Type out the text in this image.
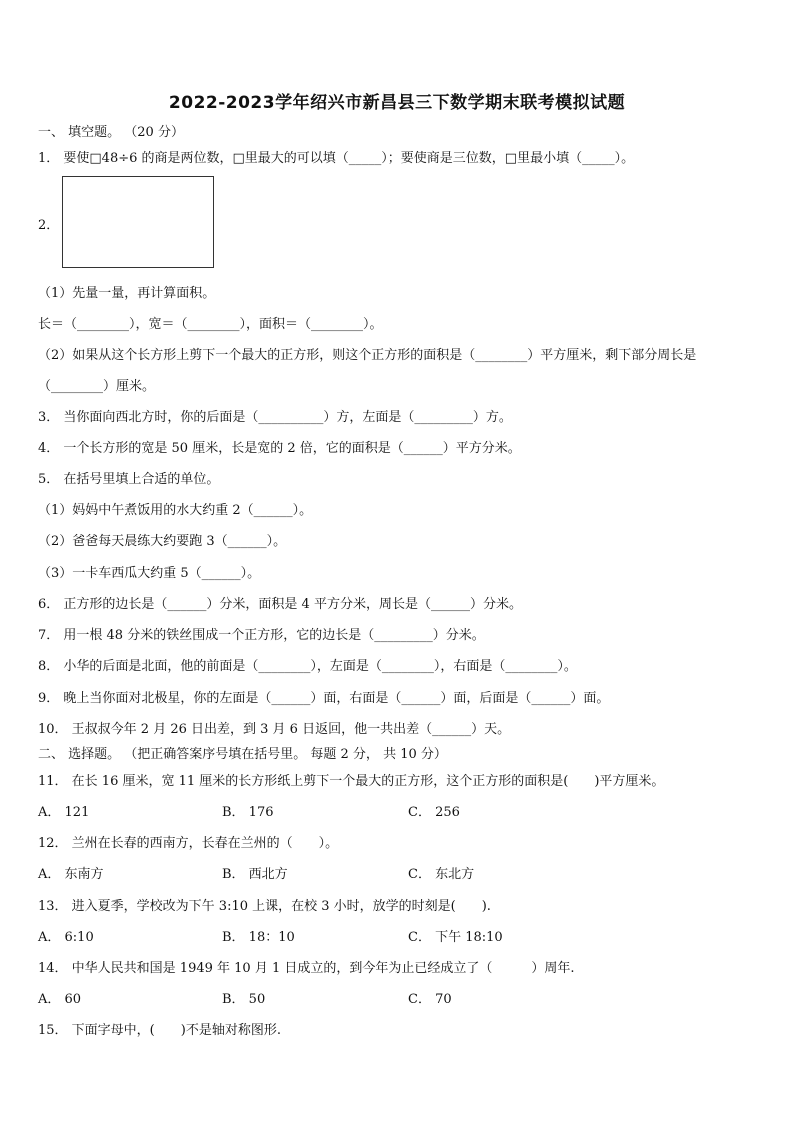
2022-2023学年绍兴市新昌县三下数学期末联考模拟试题
一、 填空题。 （20 分）
1． 要使□48÷6 的商是两位数，□里最大的可以填（_____）；要使商是三位数，□里最小填（_____）。
2．
（1）先量一量，再计算面积。
长＝（________），宽＝（________），面积＝（________）。
（2）如果从这个长方形上剪下一个最大的正方形，则这个正方形的面积是（________）平方厘米，剩下部分周长是
（________）厘米。
3． 当你面向西北方时，你的后面是（__________）方，左面是（_________）方。
4． 一个长方形的宽是 50 厘米，长是宽的 2 倍，它的面积是（______）平方分米。
5． 在括号里填上合适的单位。
（1）妈妈中午煮饭用的水大约重 2（______）。
（2）爸爸每天晨练大约要跑 3（______）。
（3）一卡车西瓜大约重 5（______）。
6． 正方形的边长是（______）分米，面积是 4 平方分米，周长是（______）分米。
7． 用一根 48 分米的铁丝围成一个正方形，它的边长是（_________）分米。
8． 小华的后面是北面，他的前面是（________），左面是（________），右面是（________）。
9． 晚上当你面对北极星，你的左面是（______）面，右面是（______）面，后面是（______）面。
10． 王叔叔今年 2 月 26 日出差，到 3 月 6 日返回，他一共出差（______）天。
二、 选择题。 （把正确答案序号填在括号里。 每题 2 分， 共 10 分）
11． 在长 16 厘米，宽 11 厘米的长方形纸上剪下一个最大的正方形，这个正方形的面积是(　　)平方厘米。
A． 121	B． 176	C． 256
12． 兰州在长春的西南方，长春在兰州的（　　）。
A． 东南方	B． 西北方	C． 东北方
13． 进入夏季，学校改为下午 3:10 上课，在校 3 小时，放学的时刻是(　　).
A． 6:10	B． 18：10	C． 下午 18:10
14． 中华人民共和国是 1949 年 10 月 1 日成立的，到今年为止已经成立了（　　　）周年.
A． 60	B． 50	C． 70
15． 下面字母中，(　　)不是轴对称图形.
